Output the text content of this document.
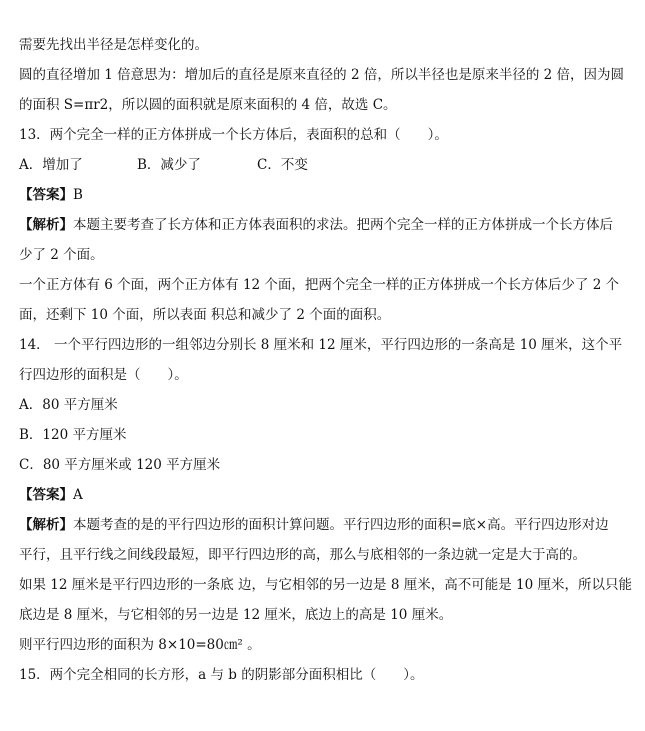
需要先找出半径是怎样变化的。
圆的直径增加 1 倍意思为：增加后的直径是原来直径的 2 倍，所以半径也是原来半径的 2 倍，因为圆
的面积 S=πr2，所以圆的面积就是原来面积的 4 倍，故选 C。
13．两个完全一样的正方体拼成一个长方体后，表面积的总和（　　）。
A．增加了	B．减少了	C．不变
【答案】B
【解析】本题主要考查了长方体和正方体表面积的求法。把两个完全一样的正方体拼成一个长方体后
少了 2 个面。
一个正方体有 6 个面，两个正方体有 12 个面，把两个完全一样的正方体拼成一个长方体后少了 2 个
面，还剩下 10 个面，所以表面 积总和减少了 2 个面的面积。
14． 一个平行四边形的一组邻边分别长 8 厘米和 12 厘米，平行四边形的一条高是 10 厘米，这个平
行四边形的面积是（　　）。
A．80 平方厘米
B．120 平方厘米
C．80 平方厘米或 120 平方厘米
【答案】A
【解析】本题考查的是的平行四边形的面积计算问题。平行四边形的面积=底×高。平行四边形对边
平行，且平行线之间线段最短，即平行四边形的高，那么与底相邻的一条边就一定是大于高的。
如果 12 厘米是平行四边形的一条底 边，与它相邻的另一边是 8 厘米，高不可能是 10 厘米，所以只能
底边是 8 厘米，与它相邻的另一边是 12 厘米，底边上的高是 10 厘米。
则平行四边形的面积为 8×10=80㎝² 。
15．两个完全相同的长方形，a 与 b 的阴影部分面积相比（　　）。
